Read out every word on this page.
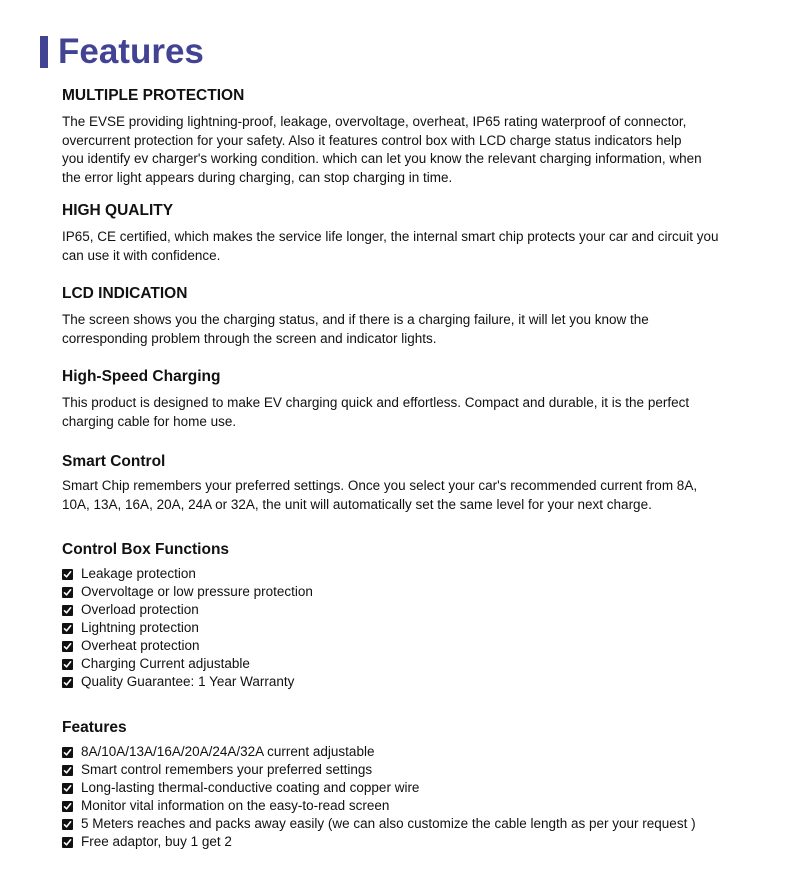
Features
MULTIPLE PROTECTION

The EVSE providing lightning-proof, leakage, overvoltage, overheat, IP65 rating waterproof of connector,

overcurrent protection for your safety. Also it features control box with LCD charge status indicators help

you identify ev charger's working condition. which can let you know the relevant charging information, when

the error light appears during charging, can stop charging in time.

HIGH QUALITY

IP65, CE certified, which makes the service life longer, the internal smart chip protects your car and circuit you

can use it with confidence.

LCD INDICATION

The screen shows you the charging status, and if there is a charging failure, it will let you know the

corresponding problem through the screen and indicator lights.

High-Speed Charging

This product is designed to make EV charging quick and effortless. Compact and durable, it is the perfect

charging cable for home use.

Smart Control

Smart Chip remembers your preferred settings. Once you select your car's recommended current from 8A,

10A, 13A, 16A, 20A, 24A or 32A, the unit will automatically set the same level for your next charge.

Control Box Functions
Leakage protection
Overvoltage or low pressure protection
Overload protection
Lightning protection
Overheat protection
Charging Current adjustable
Quality Guarantee: 1 Year Warranty
Features
8A/10A/13A/16A/20A/24A/32A current adjustable
Smart control remembers your preferred settings
Long-lasting thermal-conductive coating and copper wire
Monitor vital information on the easy-to-read screen
5 Meters reaches and packs away easily (we can also customize the cable length as per your request )
Free adaptor, buy 1 get 2
